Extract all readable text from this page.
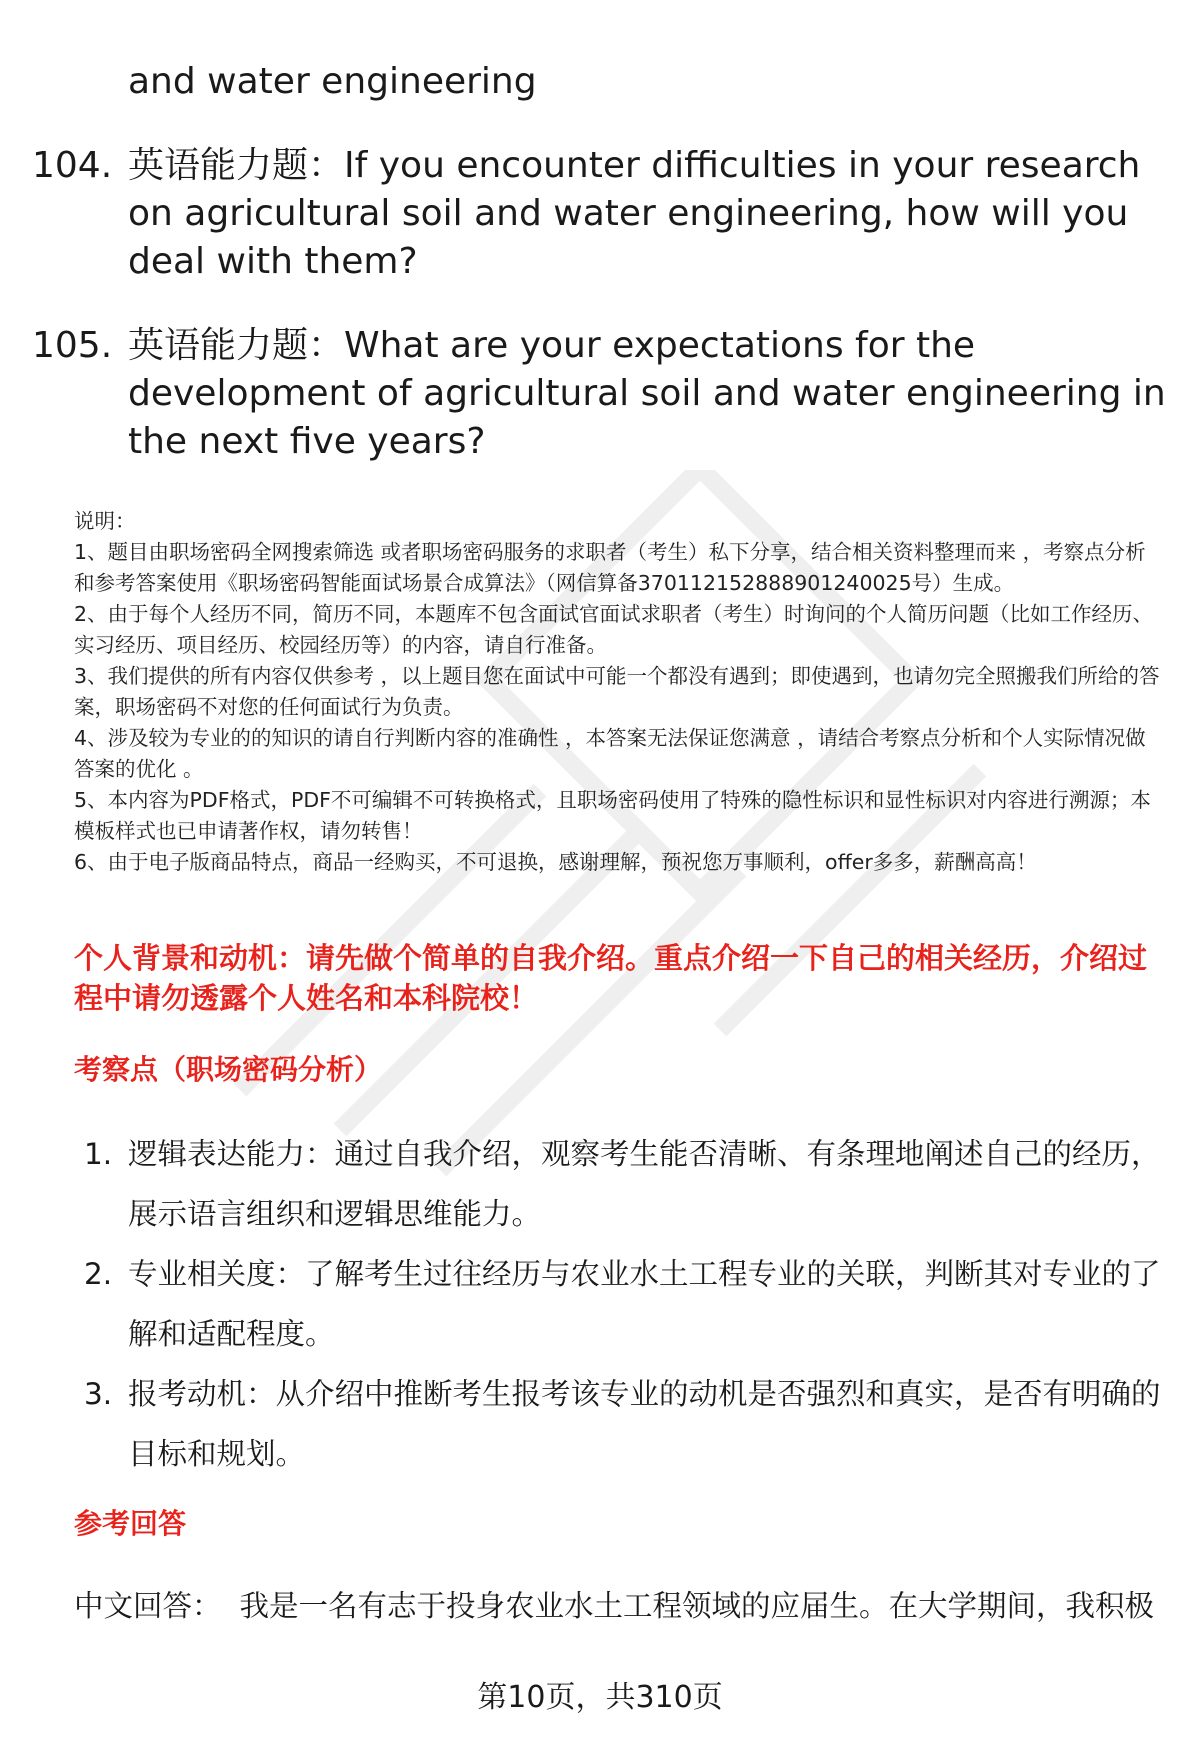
and water engineering
104. 英语能力题：If you encounter difficulties in your research on agricultural soil and water engineering, how will you deal with them?
105. 英语能力题：What are your expectations for the development of agricultural soil and water engineering in the next five years?
说明：
1、题目由职场密码全网搜索筛选 或者职场密码服务的求职者（考生）私下分享，结合相关资料整理而来 ，考察点分析和参考答案使用《职场密码智能面试场景合成算法》（网信算备370112152888901240025号）生成。
2、由于每个人经历不同，简历不同，本题库不包含面试官面试求职者（考生）时询问的个人简历问题（比如工作经历、实习经历、项目经历、校园经历等）的内容，请自行准备。
3、我们提供的所有内容仅供参考 ，以上题目您在面试中可能一个都没有遇到；即使遇到，也请勿完全照搬我们所给的答案，职场密码不对您的任何面试行为负责。
4、涉及较为专业的的知识的请自行判断内容的准确性 ，本答案无法保证您满意 ，请结合考察点分析和个人实际情况做答案的优化 。
5、本内容为PDF格式，PDF不可编辑不可转换格式，且职场密码使用了特殊的隐性标识和显性标识对内容进行溯源；本模板样式也已申请著作权，请勿转售！
6、由于电子版商品特点，商品一经购买，不可退换，感谢理解，预祝您万事顺利，offer多多，薪酬高高！
个人背景和动机：请先做个简单的自我介绍。重点介绍一下自己的相关经历，介绍过程中请勿透露个人姓名和本科院校！
考察点（职场密码分析）
1. 逻辑表达能力：通过自我介绍，观察考生能否清晰、有条理地阐述自己的经历，展示语言组织和逻辑思维能力。
2. 专业相关度：了解考生过往经历与农业水土工程专业的关联，判断其对专业的了解和适配程度。
3. 报考动机：从介绍中推断考生报考该专业的动机是否强烈和真实，是否有明确的目标和规划。
参考回答
中文回答： 我是一名有志于投身农业水土工程领域的应届生。在大学期间，我积极
第10页，共310页
